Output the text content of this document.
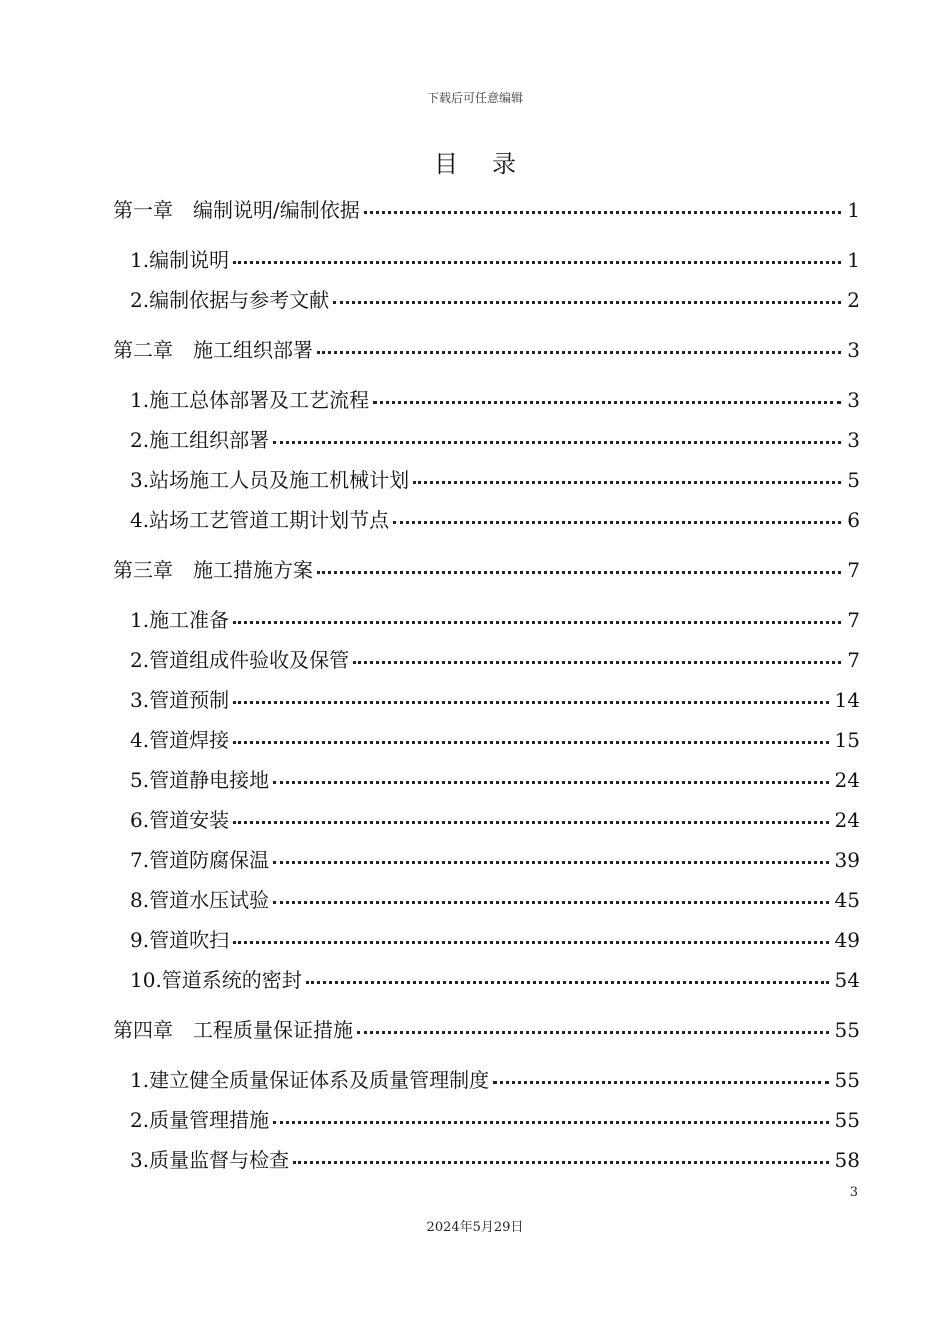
下载后可任意编辑
目录
第一章　编制说明/编制依据	1
1.编制说明	1
2.编制依据与参考文献	2
第二章　施工组织部署	3
1.施工总体部署及工艺流程	3
2.施工组织部署	3
3.站场施工人员及施工机械计划	5
4.站场工艺管道工期计划节点	6
第三章　施工措施方案	7
1.施工准备	7
2.管道组成件验收及保管	7
3.管道预制	14
4.管道焊接	15
5.管道静电接地	24
6.管道安装	24
7.管道防腐保温	39
8.管道水压试验	45
9.管道吹扫	49
10.管道系统的密封	54
第四章　工程质量保证措施	55
1.建立健全质量保证体系及质量管理制度	55
2.质量管理措施	55
3.质量监督与检查	58
3
2024年5月29日
